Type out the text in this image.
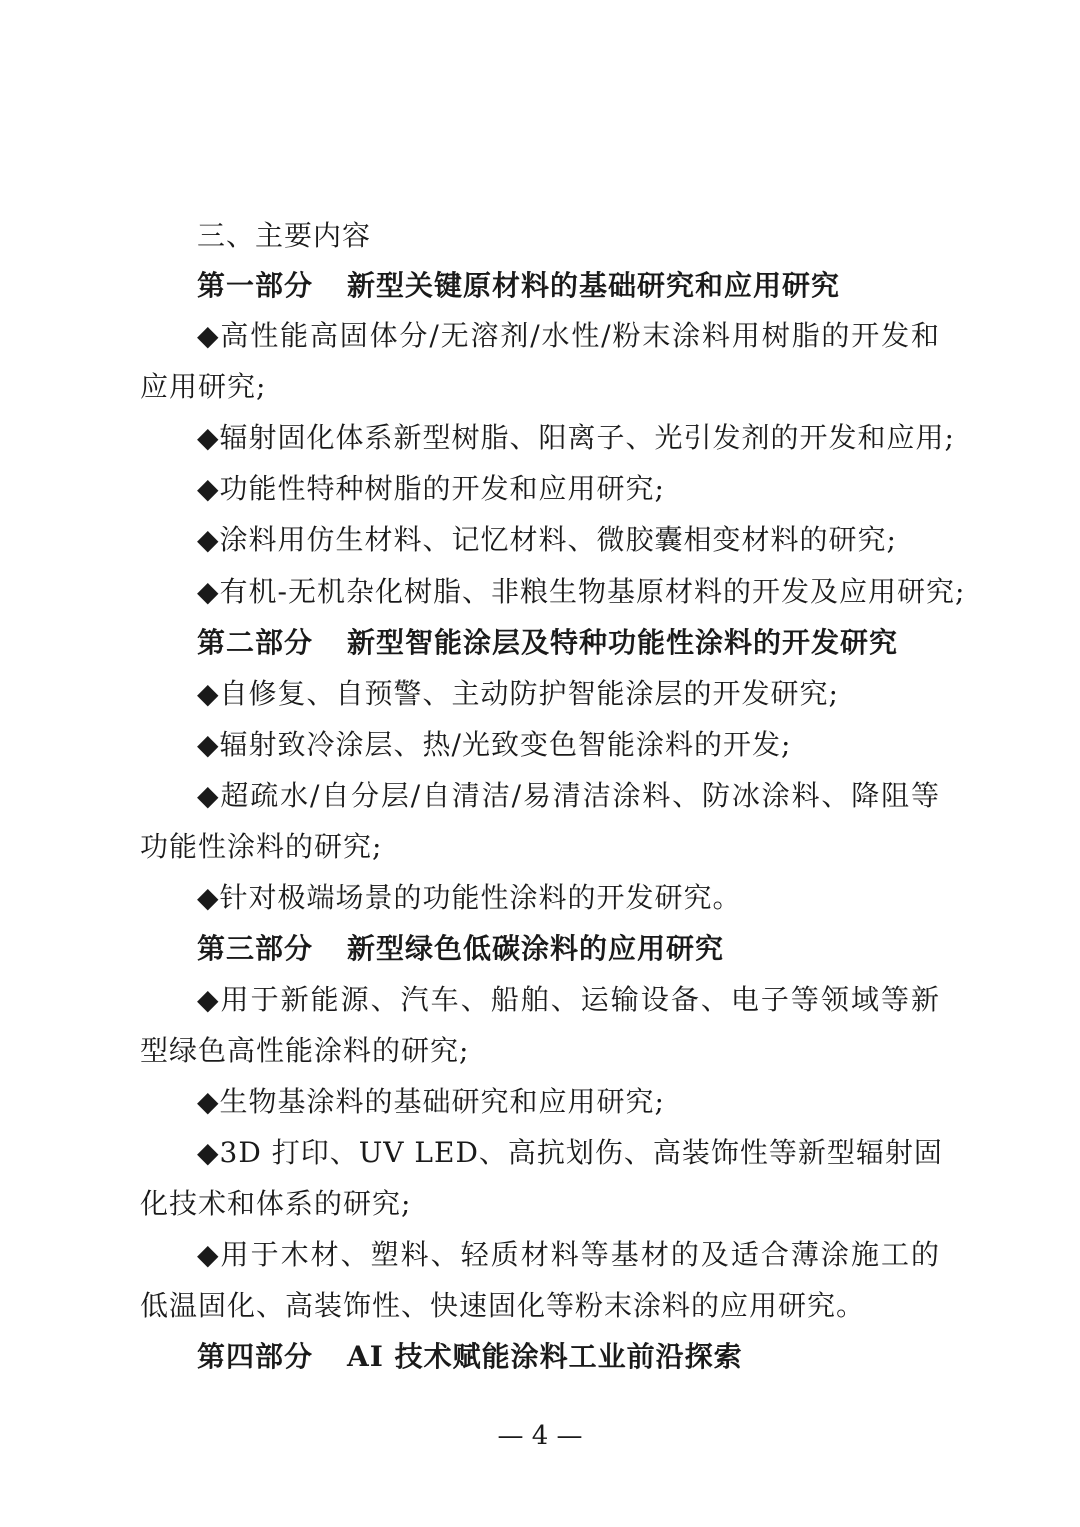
三、主要内容
第一部分 新型关键原材料的基础研究和应用研究
◆高性能高固体分/无溶剂/水性/粉末涂料用树脂的开发和
应用研究;
◆辐射固化体系新型树脂、阳离子、光引发剂的开发和应用;
◆功能性特种树脂的开发和应用研究;
◆涂料用仿生材料、记忆材料、微胶囊相变材料的研究;
◆有机-无机杂化树脂、非粮生物基原材料的开发及应用研究;
第二部分 新型智能涂层及特种功能性涂料的开发研究
◆自修复、自预警、主动防护智能涂层的开发研究;
◆辐射致冷涂层、热/光致变色智能涂料的开发;
◆超疏水/自分层/自清洁/易清洁涂料、防冰涂料、降阻等
功能性涂料的研究;
◆针对极端场景的功能性涂料的开发研究。
第三部分 新型绿色低碳涂料的应用研究
◆用于新能源、汽车、船舶、运输设备、电子等领域等新
型绿色高性能涂料的研究;
◆生物基涂料的基础研究和应用研究;
◆3D 打印、UV LED、高抗划伤、高装饰性等新型辐射固
化技术和体系的研究;
◆用于木材、塑料、轻质材料等基材的及适合薄涂施工的
低温固化、高装饰性、快速固化等粉末涂料的应用研究。
第四部分 AI 技术赋能涂料工业前沿探索
— 4 —
